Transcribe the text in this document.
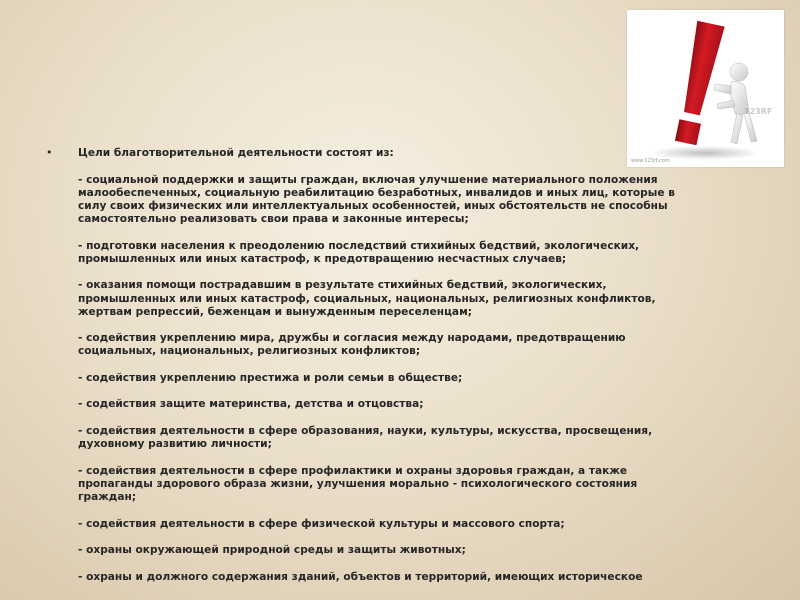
123RF
www.123rf.com
• Цели благотворительной деятельности состоят из:
- социальной поддержки и защиты граждан, включая улучшение материального положения
малообеспеченных, социальную реабилитацию безработных, инвалидов и иных лиц, которые в
силу своих физических или интеллектуальных особенностей, иных обстоятельств не способны
самостоятельно реализовать свои права и законные интересы;
- подготовки населения к преодолению последствий стихийных бедствий, экологических,
промышленных или иных катастроф, к предотвращению несчастных случаев;
- оказания помощи пострадавшим в результате стихийных бедствий, экологических,
промышленных или иных катастроф, социальных, национальных, религиозных конфликтов,
жертвам репрессий, беженцам и вынужденным переселенцам;
- содействия укреплению мира, дружбы и согласия между народами, предотвращению
социальных, национальных, религиозных конфликтов;
- содействия укреплению престижа и роли семьи в обществе;
- содействия защите материнства, детства и отцовства;
- содействия деятельности в сфере образования, науки, культуры, искусства, просвещения,
духовному развитию личности;
- содействия деятельности в сфере профилактики и охраны здоровья граждан, а также
пропаганды здорового образа жизни, улучшения морально - психологического состояния
граждан;
- содействия деятельности в сфере физической культуры и массового спорта;
- охраны окружающей природной среды и защиты животных;
- охраны и должного содержания зданий, объектов и территорий, имеющих историческое
